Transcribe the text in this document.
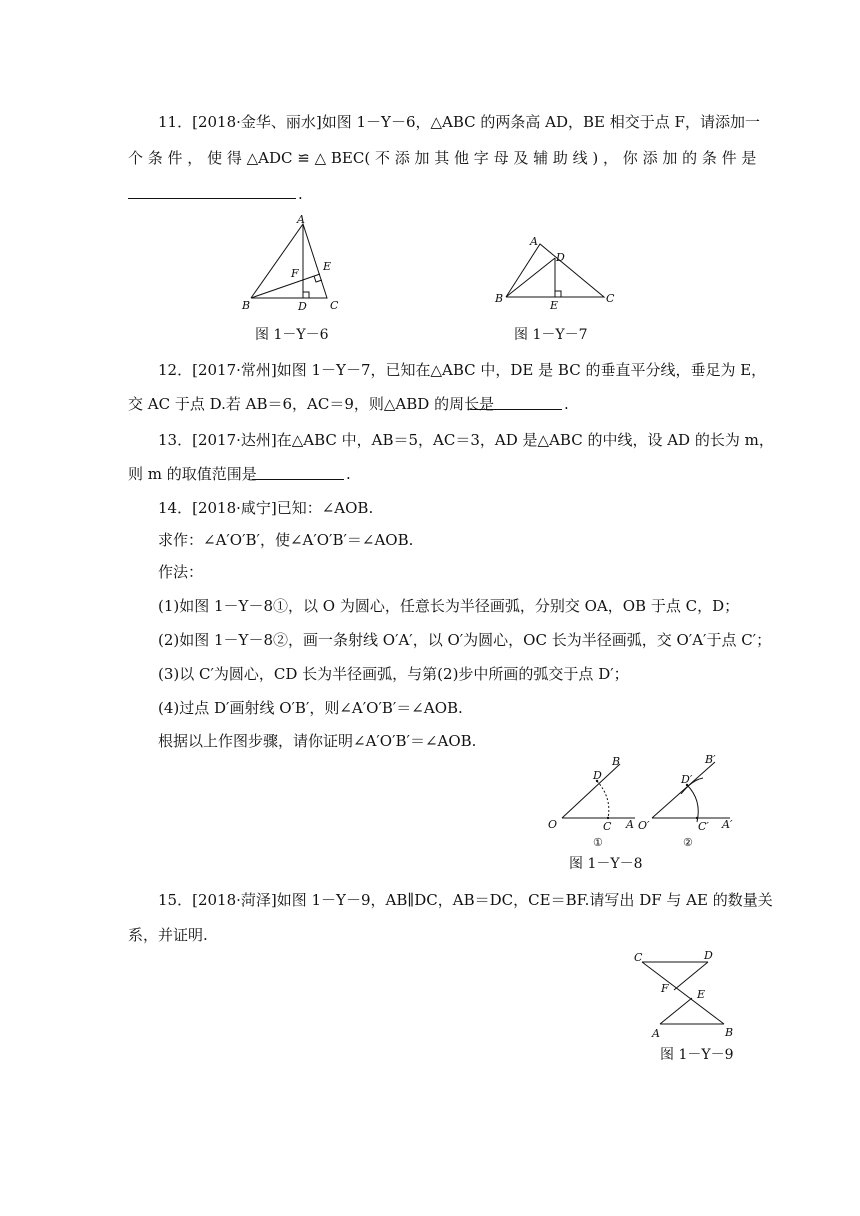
11．[2018·金华、丽水]如图 1－Y－6，△ABC 的两条高 AD，BE 相交于点 F，请添加一
个 条 件 ， 使 得 △ADC ≌ △ BEC( 不 添 加 其 他 字 母 及 辅 助 线 ) ， 你 添 加 的 条 件 是
.
A
B	C
D
E
F
图 1－Y－6
A
D
B	C
E
图 1－Y－7
12．[2017·常州]如图 1－Y－7，已知在△ABC 中，DE 是 BC 的垂直平分线，垂足为 E，
交 AC 于点 D.若 AB＝6，AC＝9，则△ABD 的周长是	.
13．[2017·达州]在△ABC 中，AB＝5，AC＝3，AD 是△ABC 的中线，设 AD 的长为 m，
则 m 的取值范围是	.
14．[2018·咸宁]已知：∠AOB.
求作：∠A′O′B′，使∠A′O′B′＝∠AOB.
作法：
(1)如图 1－Y－8①，以 O 为圆心，任意长为半径画弧，分别交 OA，OB 于点 C，D；
(2)如图 1－Y－8②，画一条射线 O′A′，以 O′为圆心，OC 长为半径画弧，交 O′A′于点 C′；
(3)以 C′为圆心，CD 长为半径画弧，与第(2)步中所画的弧交于点 D′；
(4)过点 D′画射线 O′B′，则∠A′O′B′＝∠AOB.
根据以上作图步骤，请你证明∠A′O′B′＝∠AOB.
B
D
O	C A
①
B′
D′
O′	C′ A′
②
图 1－Y－8
15．[2018·菏泽]如图 1－Y－9，AB∥DC，AB＝DC，CE＝BF.请写出 DF 与 AE 的数量关
系，并证明.
C	D
F	E
A	B
图 1－Y－9
